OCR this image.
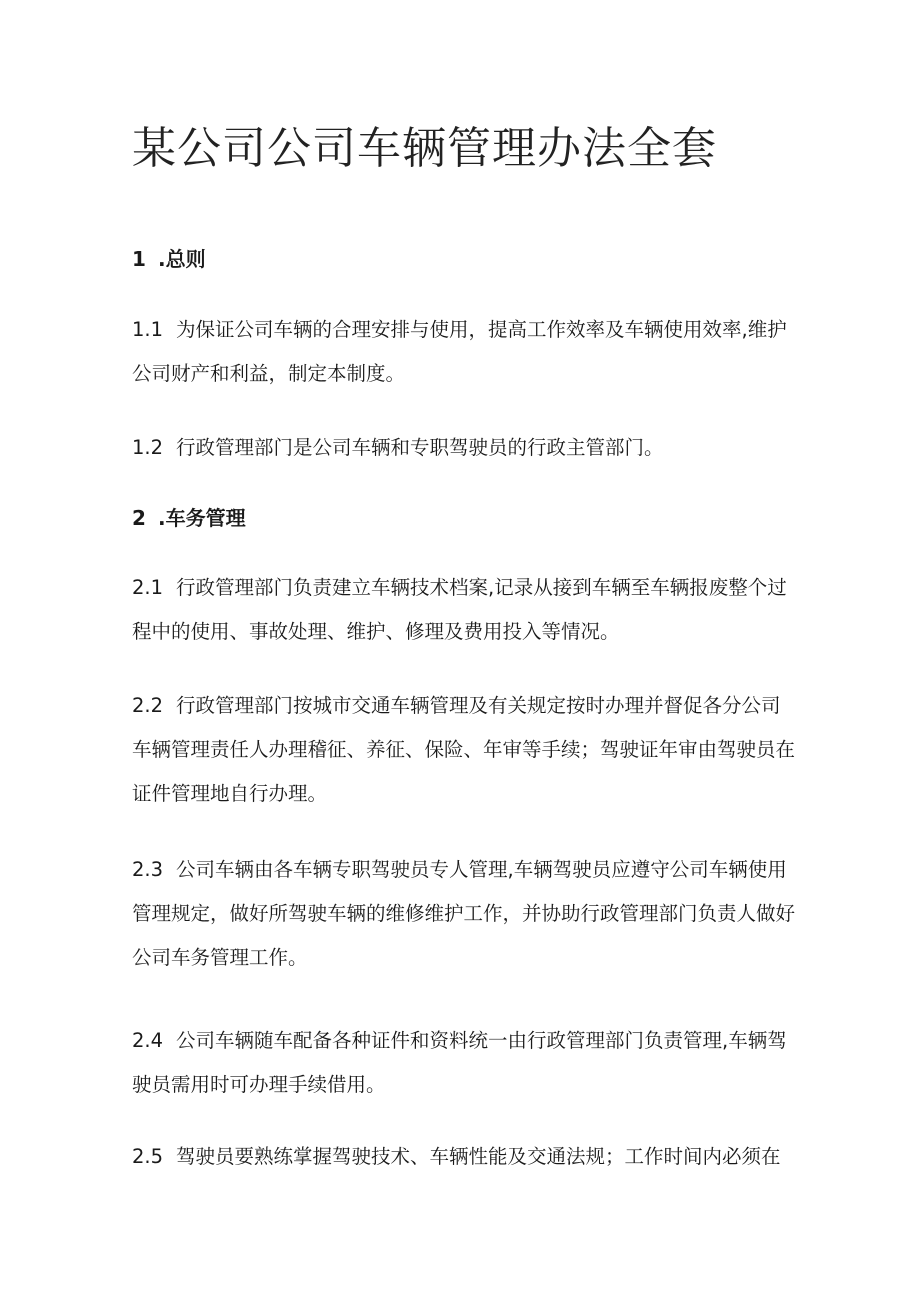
某公司公司车辆管理办法全套
1 .总则

1.1 为保证公司车辆的合理安排与使用，提高工作效率及车辆使用效率,维护公司财产和利益，制定本制度。

1.2 行政管理部门是公司车辆和专职驾驶员的行政主管部门。

2 .车务管理

2.1 行政管理部门负责建立车辆技术档案,记录从接到车辆至车辆报废整个过程中的使用、事故处理、维护、修理及费用投入等情况。

2.2 行政管理部门按城市交通车辆管理及有关规定按时办理并督促各分公司车辆管理责任人办理稽征、养征、保险、年审等手续；驾驶证年审由驾驶员在证件管理地自行办理。

2.3 公司车辆由各车辆专职驾驶员专人管理,车辆驾驶员应遵守公司车辆使用管理规定，做好所驾驶车辆的维修维护工作，并协助行政管理部门负责人做好公司车务管理工作。

2.4 公司车辆随车配备各种证件和资料统一由行政管理部门负责管理,车辆驾驶员需用时可办理手续借用。

2.5 驾驶员要熟练掌握驾驶技术、车辆性能及交通法规；工作时间内必须在
